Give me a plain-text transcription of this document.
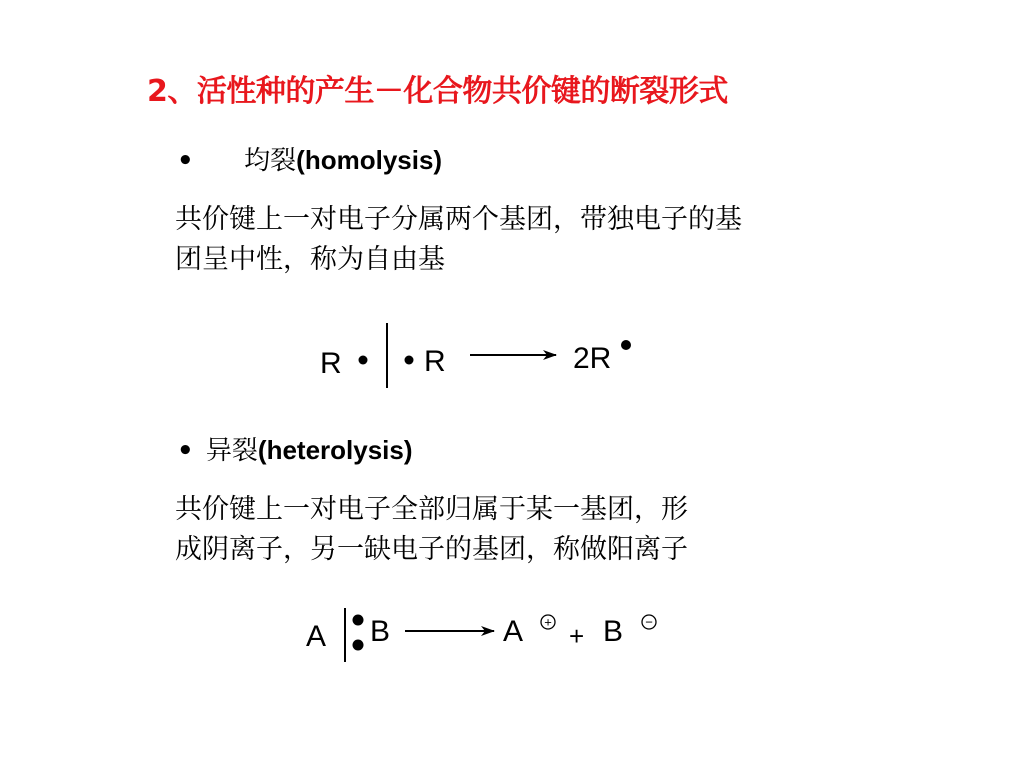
2、活性种的产生－化合物共价键的断裂形式
• 均裂(homolysis)
共价键上一对电子分属两个基团，带独电子的基
团呈中性，称为自由基
• 异裂(heterolysis)
共价键上一对电子全部归属于某一基团，形
成阴离子，另一缺电子的基团，称做阳离子
R	R	2R
A B	A + + B −
